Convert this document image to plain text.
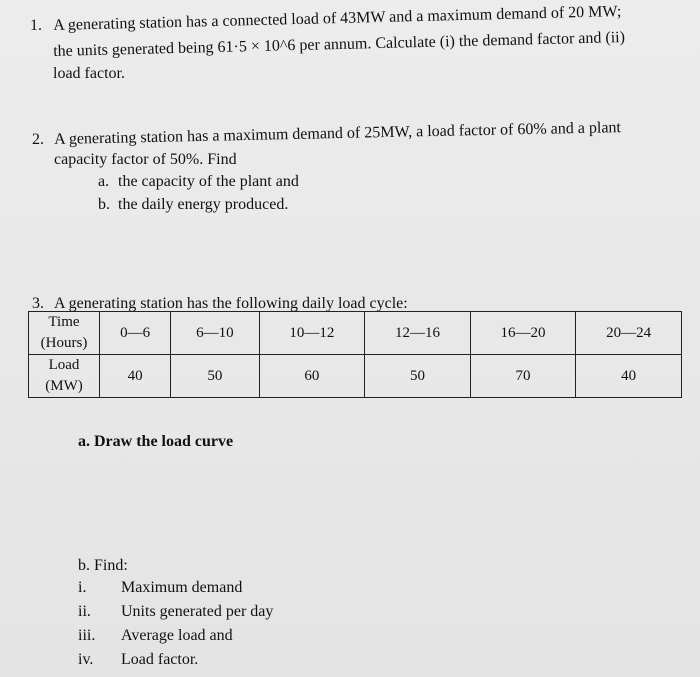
1. A generating station has a connected load of 43MW and a maximum demand of 20 MW;
the units generated being 61·5 × 10^6 per annum. Calculate (i) the demand factor and (ii)
load factor.
2. A generating station has a maximum demand of 25MW, a load factor of 60% and a plant
capacity factor of 50%. Find
a. the capacity of the plant and
b. the daily energy produced.
3. A generating station has the following daily load cycle:
Time
(Hours)	0—6	6—10	10—12	12—16	16—20	20—24

Load
(MW)	40	50	60	50	70	40
a. Draw the load curve
b. Find:
i. Maximum demand
ii. Units generated per day
iii. Average load and
iv. Load factor.
